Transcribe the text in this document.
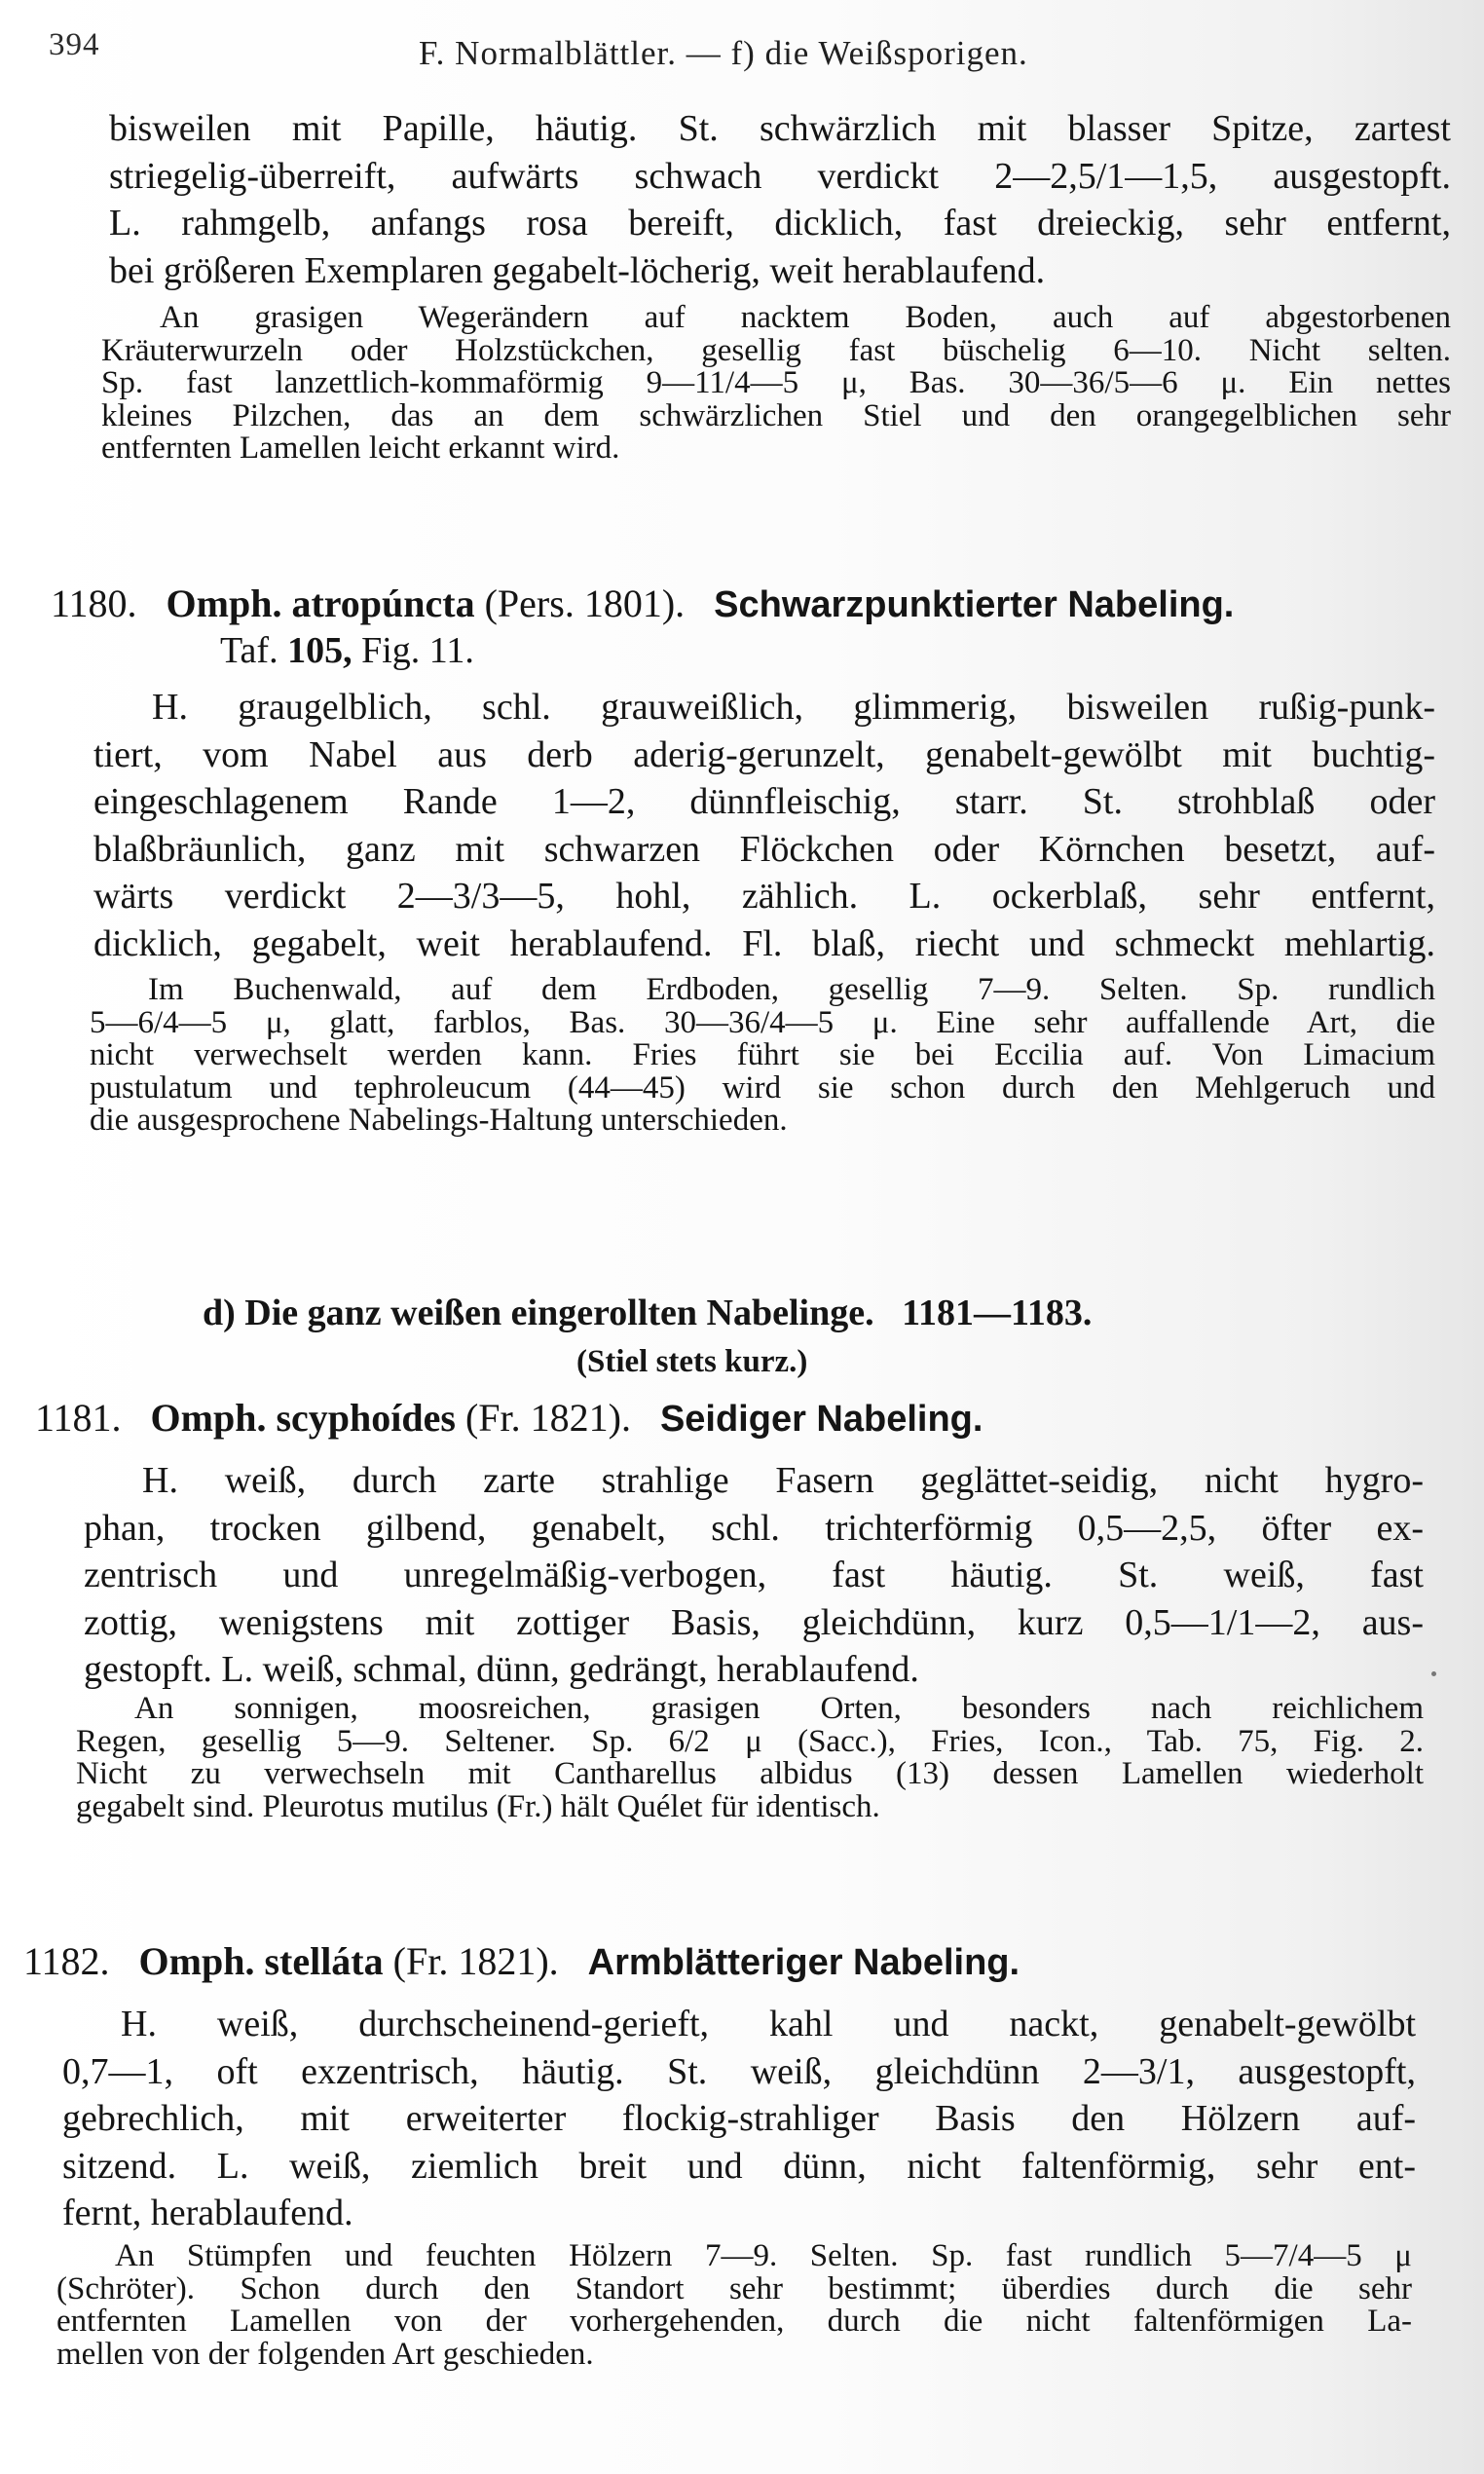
394	F. Normalblättler. — f) die Weißsporigen.
bisweilen mit Papille, häutig. St. schwärzlich mit blasser Spitze, zartest
striegelig-überreift, aufwärts schwach verdickt 2—2,5/1—1,5, ausgestopft.
L. rahmgelb, anfangs rosa bereift, dicklich, fast dreieckig, sehr entfernt,
bei größeren Exemplaren gegabelt-löcherig, weit herablaufend.
An grasigen Wegerändern auf nacktem Boden, auch auf abgestorbenen
Kräuterwurzeln oder Holzstückchen, gesellig fast büschelig 6—10. Nicht selten.
Sp. fast lanzettlich-kommaförmig 9—11/4—5 μ, Bas. 30—36/5—6 μ. Ein nettes
kleines Pilzchen, das an dem schwärzlichen Stiel und den orangegelblichen sehr
entfernten Lamellen leicht erkannt wird.
1180. Omph. atropúncta (Pers. 1801). Schwarzpunktierter Nabeling.
Taf. 105, Fig. 11.
H. graugelblich, schl. grauweißlich, glimmerig, bisweilen rußig-punk-
tiert, vom Nabel aus derb aderig-gerunzelt, genabelt-gewölbt mit buchtig-
eingeschlagenem Rande 1—2, dünnfleischig, starr. St. strohblaß oder
blaßbräunlich, ganz mit schwarzen Flöckchen oder Körnchen besetzt, auf-
wärts verdickt 2—3/3—5, hohl, zählich. L. ockerblaß, sehr entfernt,
dicklich, gegabelt, weit herablaufend. Fl. blaß, riecht und schmeckt mehlartig.
Im Buchenwald, auf dem Erdboden, gesellig 7—9. Selten. Sp. rundlich
5—6/4—5 μ, glatt, farblos, Bas. 30—36/4—5 μ. Eine sehr auffallende Art, die
nicht verwechselt werden kann. Fries führt sie bei Eccilia auf. Von Limacium
pustulatum und tephroleucum (44—45) wird sie schon durch den Mehlgeruch und
die ausgesprochene Nabelings-Haltung unterschieden.
d) Die ganz weißen eingerollten Nabelinge. 1181—1183.
(Stiel stets kurz.)
1181. Omph. scyphoídes (Fr. 1821). Seidiger Nabeling.
H. weiß, durch zarte strahlige Fasern geglättet-seidig, nicht hygro-
phan, trocken gilbend, genabelt, schl. trichterförmig 0,5—2,5, öfter ex-
zentrisch und unregelmäßig-verbogen, fast häutig. St. weiß, fast
zottig, wenigstens mit zottiger Basis, gleichdünn, kurz 0,5—1/1—2, aus-
gestopft. L. weiß, schmal, dünn, gedrängt, herablaufend.
An sonnigen, moosreichen, grasigen Orten, besonders nach reichlichem
Regen, gesellig 5—9. Seltener. Sp. 6/2 μ (Sacc.), Fries, Icon., Tab. 75, Fig. 2.
Nicht zu verwechseln mit Cantharellus albidus (13) dessen Lamellen wiederholt
gegabelt sind. Pleurotus mutilus (Fr.) hält Quélet für identisch.
1182. Omph. stelláta (Fr. 1821). Armblätteriger Nabeling.
H. weiß, durchscheinend-gerieft, kahl und nackt, genabelt-gewölbt
0,7—1, oft exzentrisch, häutig. St. weiß, gleichdünn 2—3/1, ausgestopft,
gebrechlich, mit erweiterter flockig-strahliger Basis den Hölzern auf-
sitzend. L. weiß, ziemlich breit und dünn, nicht faltenförmig, sehr ent-
fernt, herablaufend.
An Stümpfen und feuchten Hölzern 7—9. Selten. Sp. fast rundlich 5—7/4—5 μ
(Schröter). Schon durch den Standort sehr bestimmt; überdies durch die sehr
entfernten Lamellen von der vorhergehenden, durch die nicht faltenförmigen La-
mellen von der folgenden Art geschieden.
